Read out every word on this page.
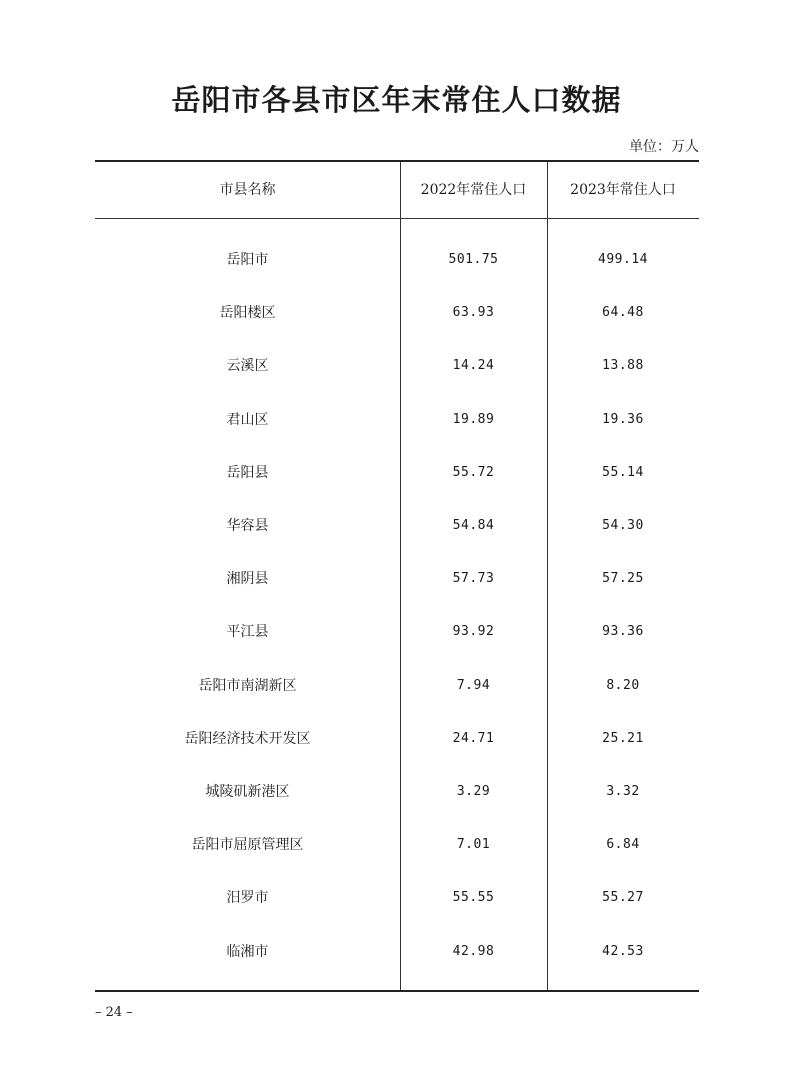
岳阳市各县市区年末常住人口数据
单位：万人
市县名称	2022年常住人口	2023年常住人口
岳阳市	501.75	499.14
岳阳楼区	63.93	64.48
云溪区	14.24	13.88
君山区	19.89	19.36
岳阳县	55.72	55.14
华容县	54.84	54.30
湘阴县	57.73	57.25
平江县	93.92	93.36
岳阳市南湖新区	7.94	8.20
岳阳经济技术开发区	24.71	25.21
城陵矶新港区	3.29	3.32
岳阳市屈原管理区	7.01	6.84
汨罗市	55.55	55.27
临湘市	42.98	42.53
– 24 –
